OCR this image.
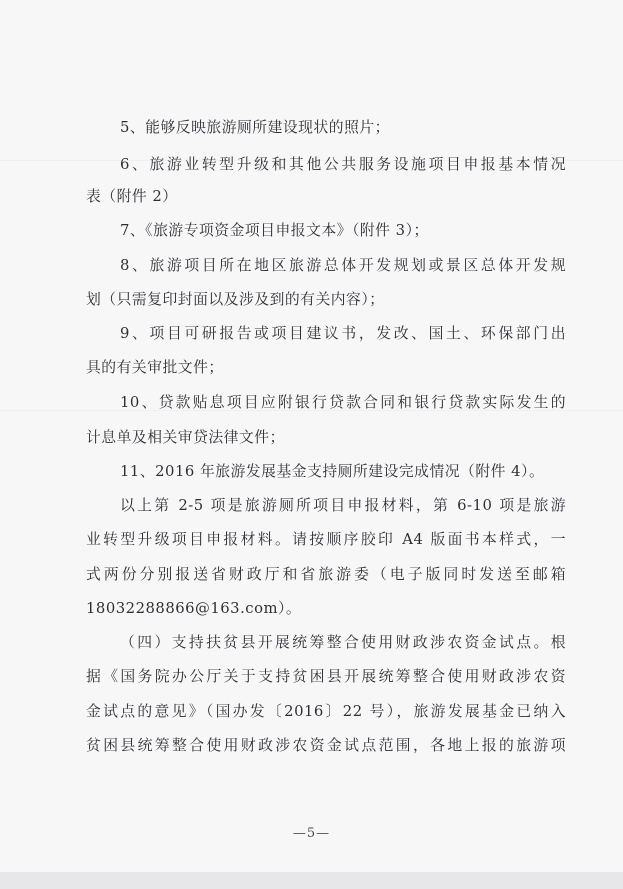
5、能够反映旅游厕所建设现状的照片；
6、旅游业转型升级和其他公共服务设施项目申报基本情况
表（附件 2）
7、《旅游专项资金项目申报文本》（附件 3）；
8、旅游项目所在地区旅游总体开发规划或景区总体开发规
划（只需复印封面以及涉及到的有关内容）；
9、项目可研报告或项目建议书，发改、国土、环保部门出
具的有关审批文件；
10、贷款贴息项目应附银行贷款合同和银行贷款实际发生的
计息单及相关审贷法律文件；
11、2016 年旅游发展基金支持厕所建设完成情况（附件 4）。
以上第 2-5 项是旅游厕所项目申报材料，第 6-10 项是旅游
业转型升级项目申报材料。请按顺序胶印 A4 版面书本样式，一
式两份分别报送省财政厅和省旅游委（电子版同时发送至邮箱
18032288866@163.com）。
（四）支持扶贫县开展统筹整合使用财政涉农资金试点。根
据《国务院办公厅关于支持贫困县开展统筹整合使用财政涉农资
金试点的意见》（国办发〔2016〕22 号），旅游发展基金已纳入
贫困县统筹整合使用财政涉农资金试点范围，各地上报的旅游项
—5—
